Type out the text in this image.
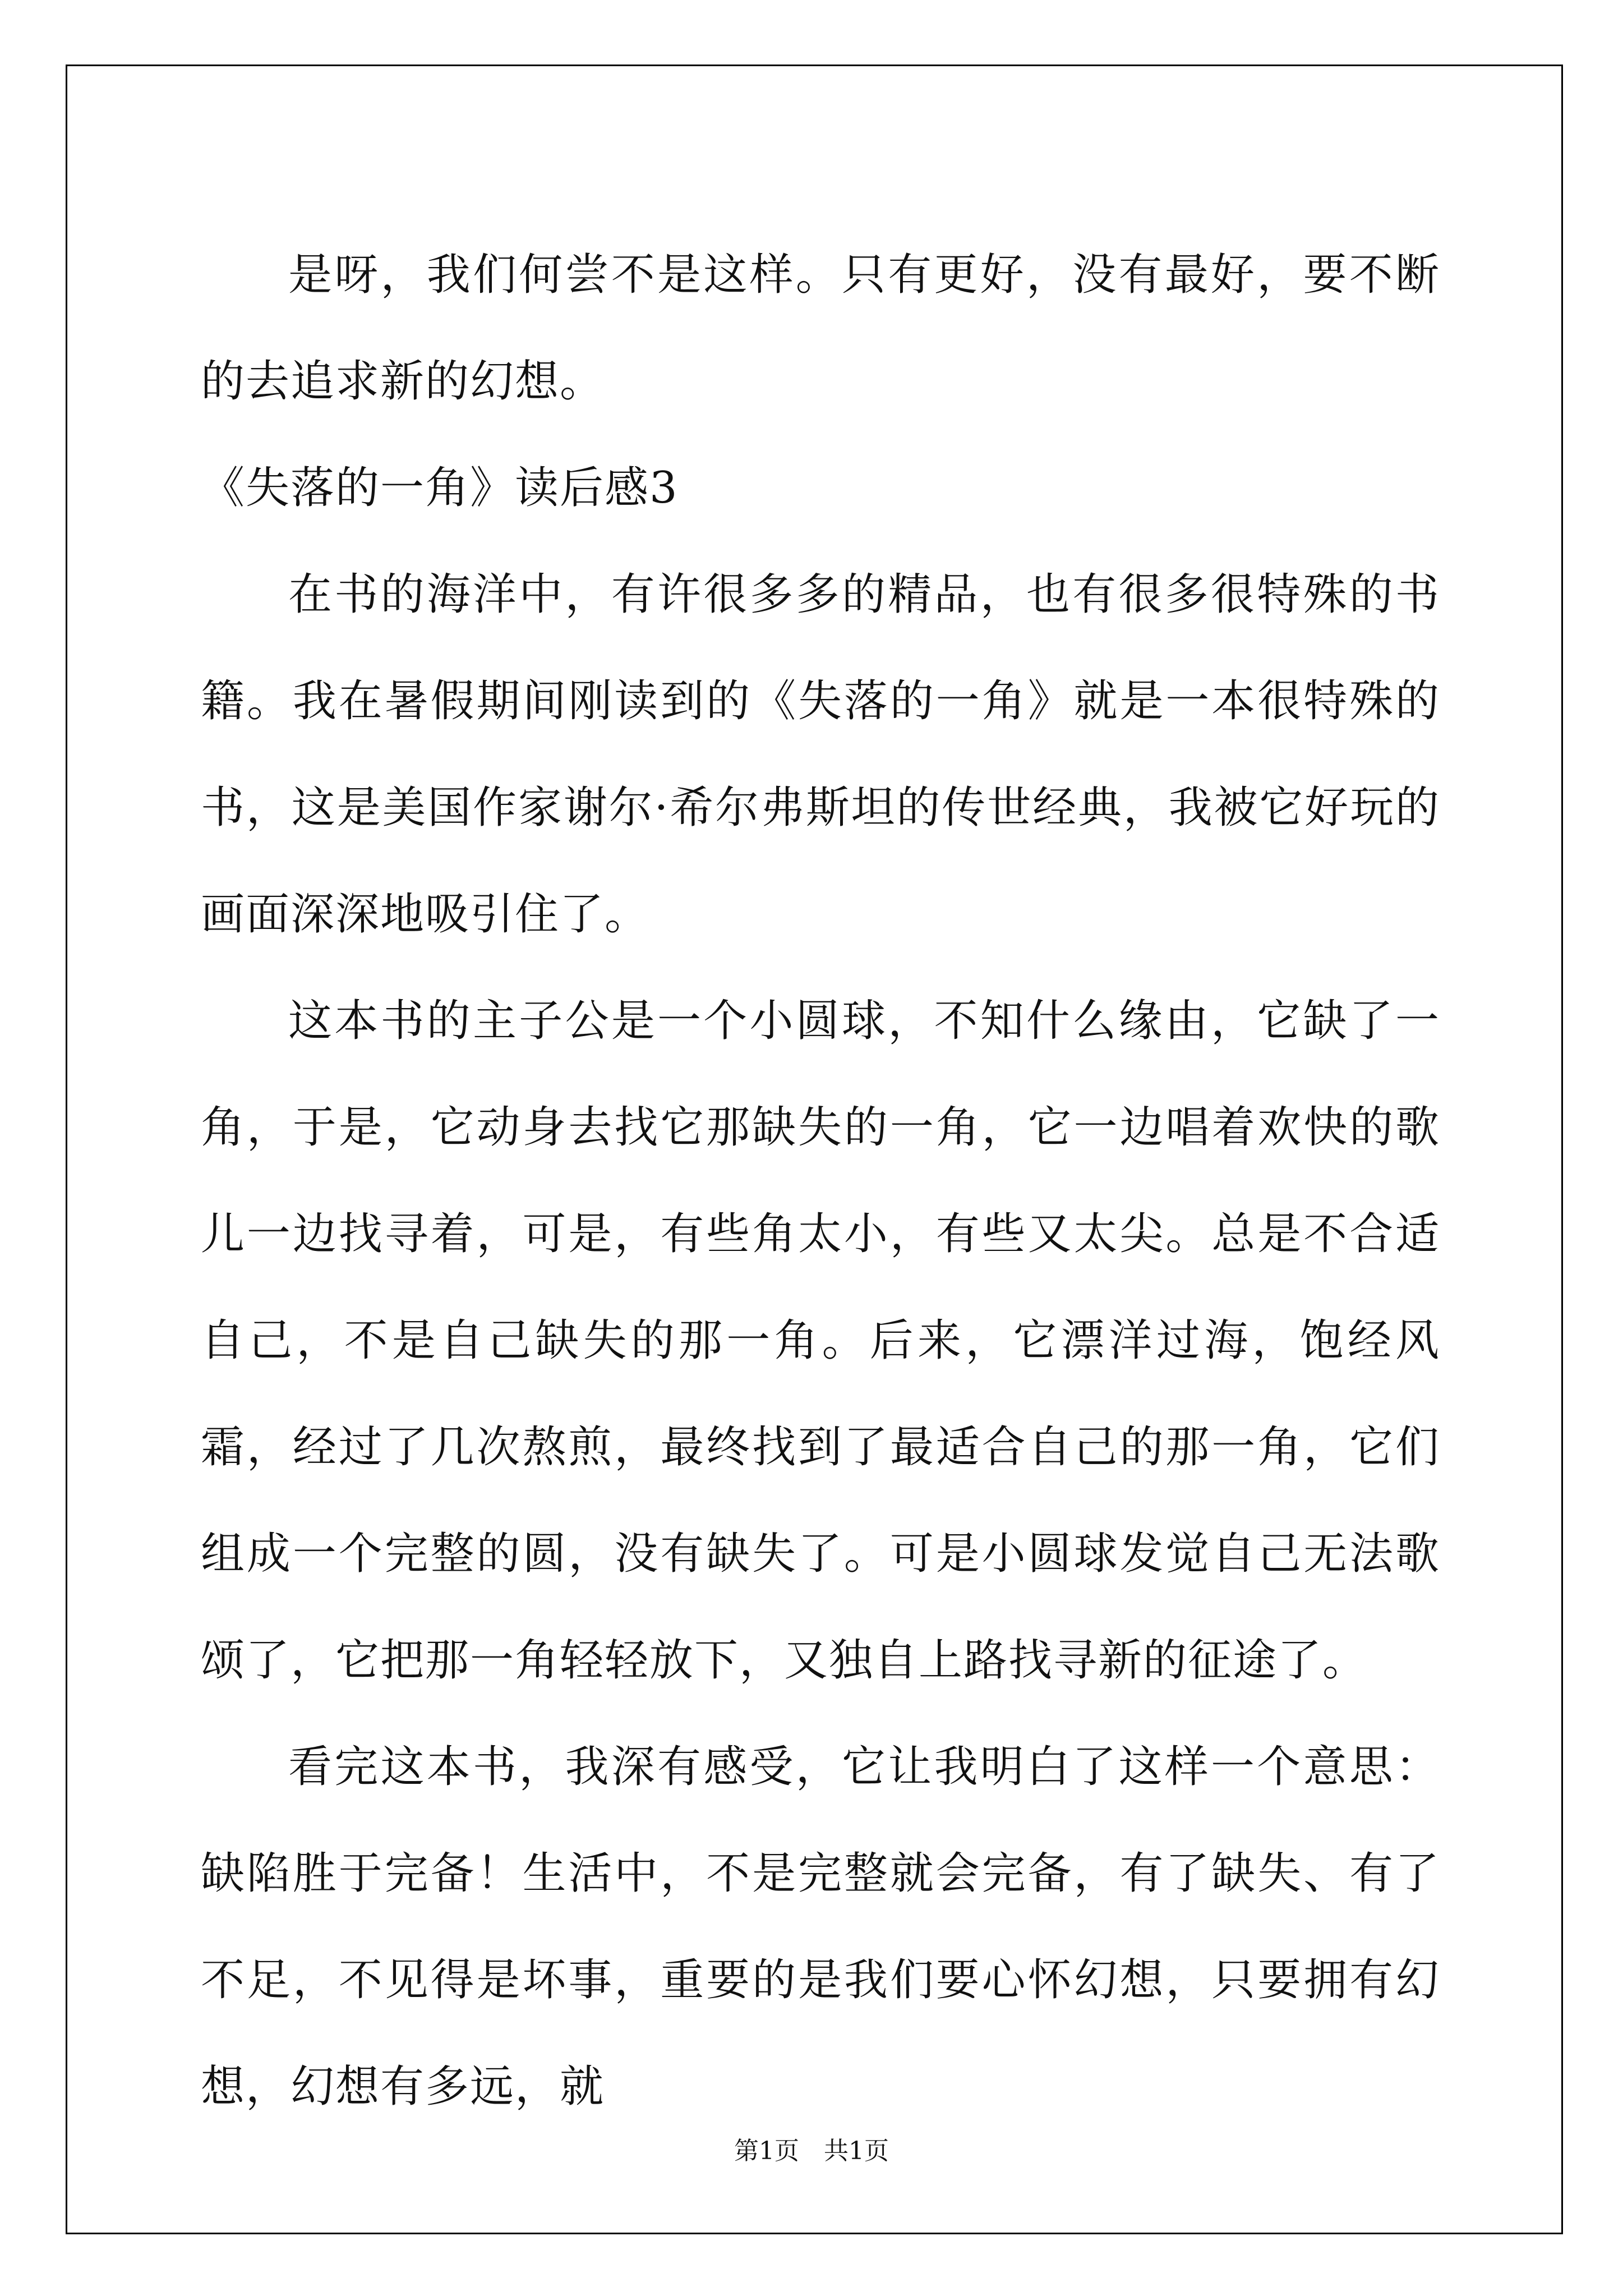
是呀，我们何尝不是这样。只有更好，没有最好，要不断的去追求新的幻想。

《失落的一角》读后感3

在书的海洋中，有许很多多的精品，也有很多很特殊的书籍。我在暑假期间刚读到的《失落的一角》就是一本很特殊的书，这是美国作家谢尔·希尔弗斯坦的传世经典，我被它好玩的画面深深地吸引住了。

这本书的主子公是一个小圆球，不知什么缘由，它缺了一角，于是，它动身去找它那缺失的一角，它一边唱着欢快的歌儿一边找寻着，可是，有些角太小，有些又太尖。总是不合适自己，不是自己缺失的那一角。后来，它漂洋过海，饱经风霜，经过了几次熬煎，最终找到了最适合自己的那一角，它们组成一个完整的圆，没有缺失了。可是小圆球发觉自己无法歌颂了，它把那一角轻轻放下，又独自上路找寻新的征途了。

看完这本书，我深有感受，它让我明白了这样一个意思：缺陷胜于完备！生活中，不是完整就会完备，有了缺失、有了不足，不见得是坏事，重要的是我们要心怀幻想，只要拥有幻想，幻想有多远，就

第1页　共1页
